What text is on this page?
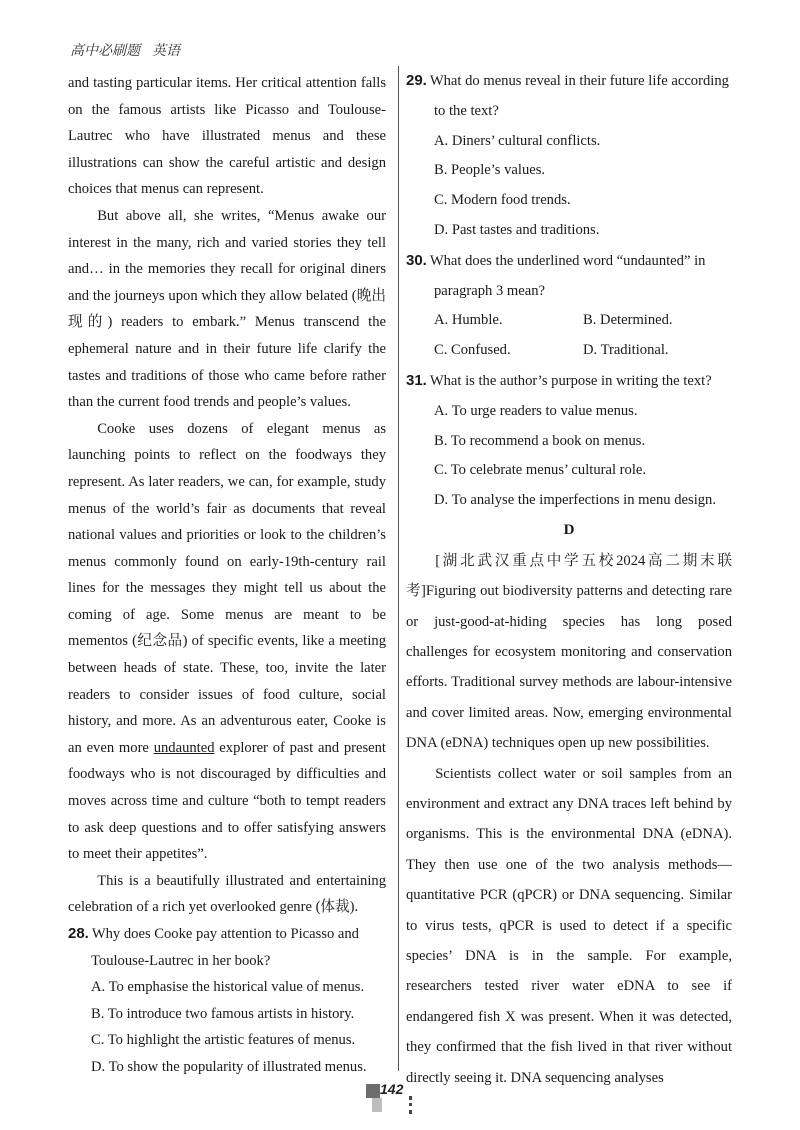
高中必刷题 英语

and tasting particular items. Her critical attention falls on the famous artists like Picasso and Toulouse-Lautrec who have illustrated menus and these illustrations can show the careful artistic and design choices that menus can represent.

But above all, she writes, “Menus awake our interest in the many, rich and varied stories they tell and… in the memories they recall for original diners and the journeys upon which they allow belated (晚出现的) readers to embark.” Menus transcend the ephemeral nature and in their future life clarify the tastes and traditions of those who came before rather than the current food trends and people’s values.

Cooke uses dozens of elegant menus as launching points to reflect on the foodways they represent. As later readers, we can, for example, study menus of the world’s fair as documents that reveal national values and priorities or look to the children’s menus commonly found on early-19th-century rail lines for the messages they might tell us about the coming of age. Some menus are meant to be mementos (纪念品) of specific events, like a meeting between heads of state. These, too, invite the later readers to consider issues of food culture, social history, and more. As an adventurous eater, Cooke is an even more undaunted explorer of past and present foodways who is not discouraged by difficulties and moves across time and culture “both to tempt readers to ask deep questions and to offer satisfying answers to meet their appetites”.

This is a beautifully illustrated and entertaining celebration of a rich yet overlooked genre (体裁).

28. Why does Cooke pay attention to Picasso and

Toulouse-Lautrec in her book?

A. To emphasise the historical value of menus.

B. To introduce two famous artists in history.

C. To highlight the artistic features of menus.

D. To show the popularity of illustrated menus.

29. What do menus reveal in their future life according

to the text?

A. Diners’ cultural conflicts.

B. People’s values.

C. Modern food trends.

D. Past tastes and traditions.

30. What does the underlined word “undaunted” in

paragraph 3 mean?

A. Humble.	B. Determined.
C. Confused.	D. Traditional.

31. What is the author’s purpose in writing the text?

A. To urge readers to value menus.

B. To recommend a book on menus.

C. To celebrate menus’ cultural role.

D. To analyse the imperfections in menu design.

D

[湖北武汉重点中学五校2024高二期末联考]Figuring out biodiversity patterns and detecting rare or just-good-at-hiding species has long posed challenges for ecosystem monitoring and conservation efforts. Traditional survey methods are labour-intensive and cover limited areas. Now, emerging environmental DNA (eDNA) techniques open up new possibilities.

Scientists collect water or soil samples from an environment and extract any DNA traces left behind by organisms. This is the environmental DNA (eDNA). They then use one of the two analysis methods—quantitative PCR (qPCR) or DNA sequencing. Similar to virus tests, qPCR is used to detect if a specific species’ DNA is in the sample. For example, researchers tested river water eDNA to see if endangered fish X was present. When it was detected, they confirmed that the fish lived in that river without directly seeing it. DNA sequencing analyses

142
